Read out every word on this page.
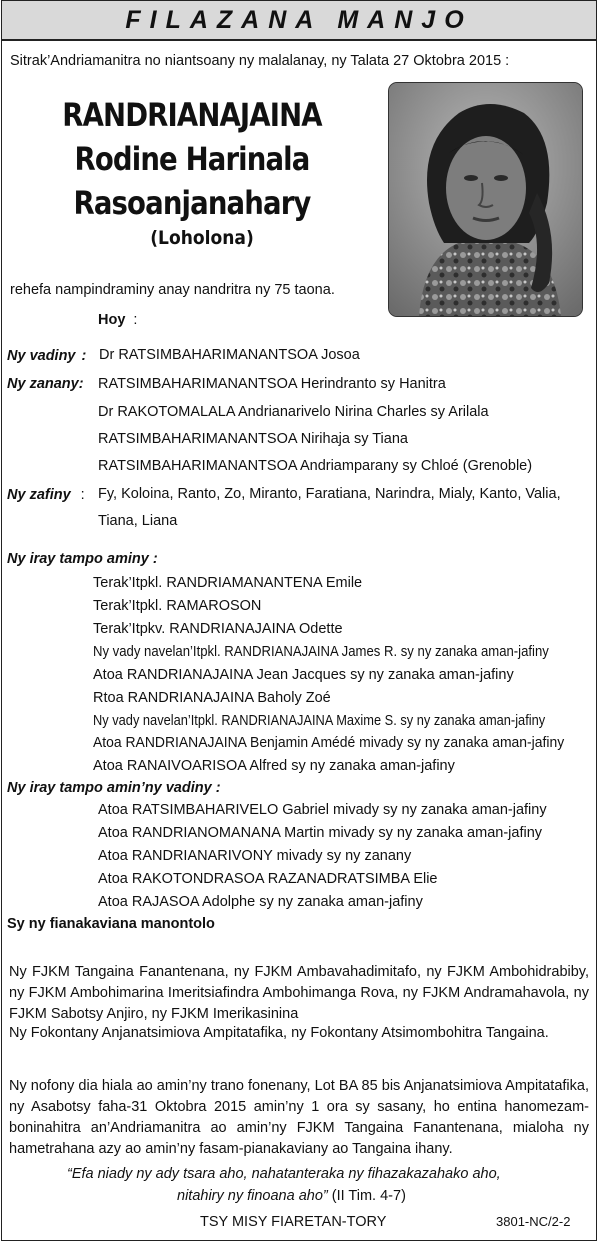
FILAZANA MANJO
Sitrak’Andriamanitra no niantsoany ny malalanay, ny Talata 27 Oktobra 2015 :
RANDRIANAJAINA
Rodine Harinala
Rasoanjanahary
(Loholona)
rehefa nampindraminy anay nandritra ny 75 taona.
Hoy :
Ny vadiny : Dr RATSIMBAHARIMANANTSOA Josoa
Ny zanany: RATSIMBAHARIMANANTSOA Herindranto sy Hanitra
Dr RAKOTOMALALA Andrianarivelo Nirina Charles sy Arilala
RATSIMBAHARIMANANTSOA Nirihaja sy Tiana
RATSIMBAHARIMANANTSOA Andriamparany sy Chloé (Grenoble)
Ny zafiny : Fy, Koloina, Ranto, Zo, Miranto, Faratiana, Narindra, Mialy, Kanto, Valia,
Tiana, Liana
Ny iray tampo aminy :
Terak’Itpkl. RANDRIAMANANTENA Emile
Terak’Itpkl. RAMAROSON
Terak’Itpkv. RANDRIANAJAINA Odette
Ny vady navelan’Itpkl. RANDRIANAJAINA James R. sy ny zanaka aman-jafiny
Atoa RANDRIANAJAINA Jean Jacques sy ny zanaka aman-jafiny
Rtoa RANDRIANAJAINA Baholy Zoé
Ny vady navelan’Itpkl. RANDRIANAJAINA Maxime S. sy ny zanaka aman-jafiny
Atoa RANDRIANAJAINA Benjamin Amédé mivady sy ny zanaka aman-jafiny
Atoa RANAIVOARISOA Alfred sy ny zanaka aman-jafiny
Ny iray tampo amin’ny vadiny :
Atoa RATSIMBAHARIVELO Gabriel mivady sy ny zanaka aman-jafiny
Atoa RANDRIANOMANANA Martin mivady sy ny zanaka aman-jafiny
Atoa RANDRIANARIVONY mivady sy ny zanany
Atoa RAKOTONDRASOA RAZANADRATSIMBA Elie
Atoa RAJASOA Adolphe sy ny zanaka aman-jafiny
Sy ny fianakaviana manontolo
Ny FJKM Tangaina Fanantenana, ny FJKM Ambavahadimitafo, ny FJKM Ambohidrabiby, ny FJKM Ambohimarina Imeritsiafindra Ambohimanga Rova, ny FJKM Andramahavola, ny FJKM Sabotsy Anjiro, ny FJKM Imerikasinina
Ny Fokontany Anjanatsimiova Ampitatafika, ny Fokontany Atsimombohitra Tangaina.
Ny nofony dia hiala ao amin’ny trano fonenany, Lot BA 85 bis Anjanatsimiova Ampitatafika, ny Asabotsy faha-31 Oktobra 2015 amin’ny 1 ora sy sasany, ho entina hanomezam-boninahitra an’Andriamanitra ao amin’ny FJKM Tangaina Fanantenana, mialoha ny hametrahana azy ao amin’ny fasam-pianakaviany ao Tangaina ihany.
“Efa niady ny ady tsara aho, nahatanteraka ny fihazakazahako aho,
nitahiry ny finoana aho” (II Tim. 4-7)
TSY MISY FIARETAN-TORY	3801-NC/2-2
